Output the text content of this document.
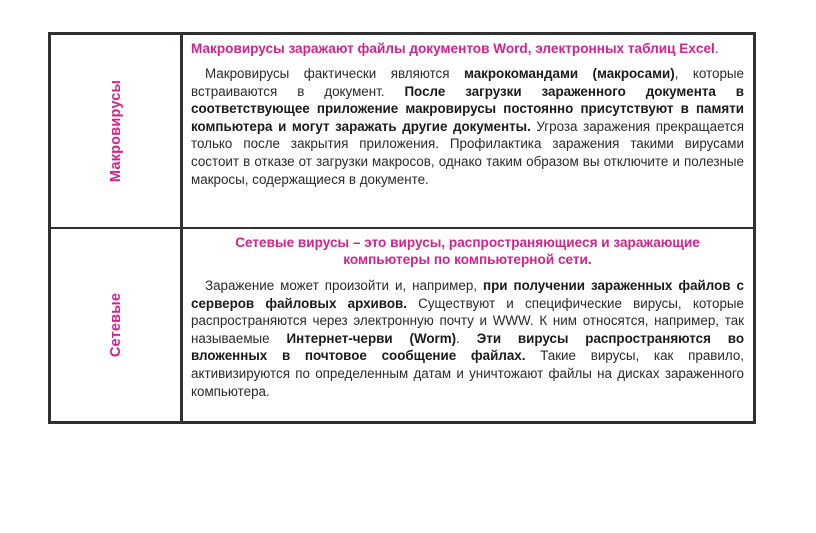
Макровирусы
Макровирусы заражают файлы документов Word, электронных таблиц Excel.

Макровирусы фактически являются макрокомандами (макросами), которые встраиваются в документ. После загрузки зараженного документа в соответствующее приложение макровирусы постоянно присутствуют в памяти компьютера и могут заражать другие документы. Угроза заражения прекращается только после закрытия приложения. Профилактика заражения такими вирусами состоит в отказе от загрузки макросов, однако таким образом вы отключите и полезные макросы, содержащиеся в документе.

Сетевые
Сетевые вирусы – это вирусы, распространяющиеся и заражающие компьютеры по компьютерной сети.

Заражение может произойти и, например, при получении зараженных файлов с серверов файловых архивов. Существуют и специфические вирусы, которые распространяются через электронную почту и WWW. К ним относятся, например, так называемые Интернет-черви (Worm). Эти вирусы распространяются во вложенных в почтовое сообщение файлах. Такие вирусы, как правило, активизируются по определенным датам и уничтожают файлы на дисках зараженного компьютера.
